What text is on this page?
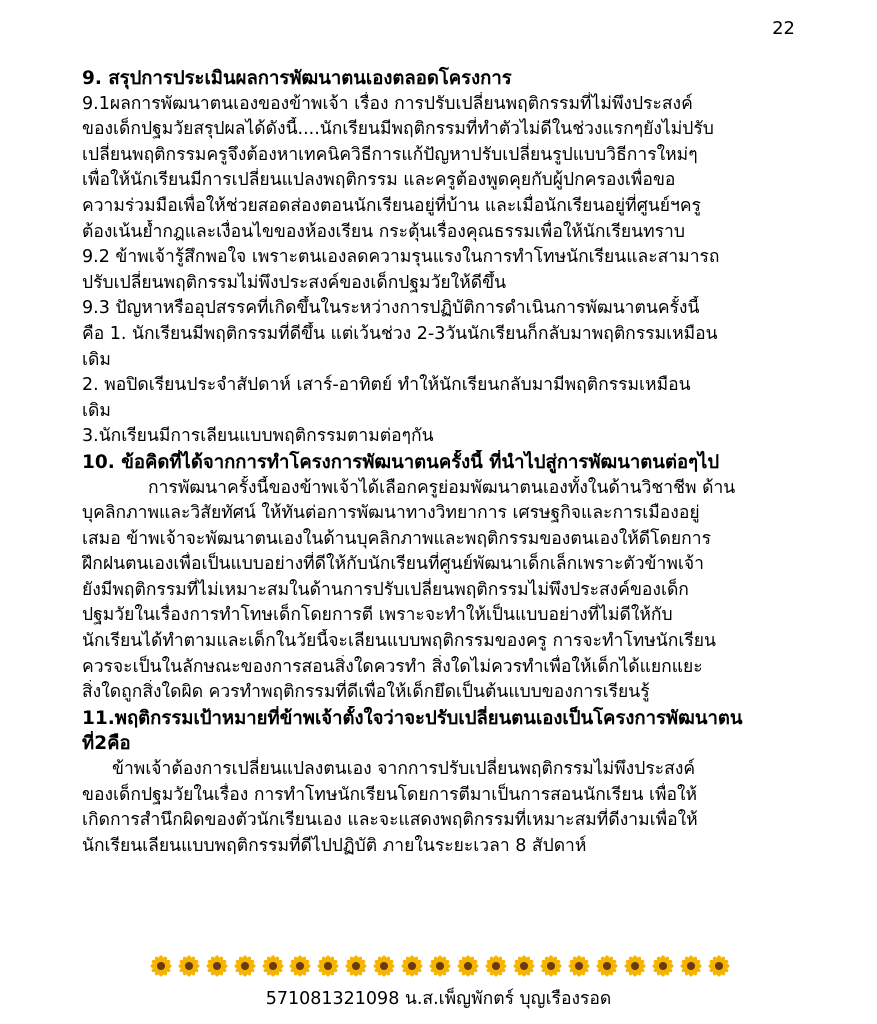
22
9. สรุปการประเมินผลการพัฒนาตนเองตลอดโครงการ
9.1ผลการพัฒนาตนเองของข้าพเจ้า เรื่อง การปรับเปลี่ยนพฤติกรรมที่ไม่พึงประสงค์
ของเด็กปฐมวัยสรุปผลได้ดังนี้....นักเรียนมีพฤติกรรมที่ทำตัวไม่ดีในช่วงแรกๆยังไม่ปรับ
เปลี่ยนพฤติกรรมครูจึงต้องหาเทคนิควิธีการแก้ปัญหาปรับเปลี่ยนรูปแบบวิธีการใหม่ๆ
เพื่อให้นักเรียนมีการเปลี่ยนแปลงพฤติกรรม และครูต้องพูดคุยกับผู้ปกครองเพื่อขอ
ความร่วมมือเพื่อให้ช่วยสอดส่องตอนนักเรียนอยู่ที่บ้าน และเมื่อนักเรียนอยู่ที่ศูนย์ฯครู
ต้องเน้นย้ำกฎและเงื่อนไขของห้องเรียน กระตุ้นเรื่องคุณธรรมเพื่อให้นักเรียนทราบ
9.2 ข้าพเจ้ารู้สึกพอใจ เพราะตนเองลดความรุนแรงในการทำโทษนักเรียนและสามารถ
ปรับเปลี่ยนพฤติกรรมไม่พึงประสงค์ของเด็กปฐมวัยให้ดีขึ้น
9.3 ปัญหาหรืออุปสรรคที่เกิดขึ้นในระหว่างการปฏิบัติการดำเนินการพัฒนาตนครั้งนี้
คือ 1. นักเรียนมีพฤติกรรมที่ดีขึ้น แต่เว้นช่วง 2-3วันนักเรียนก็กลับมาพฤติกรรมเหมือน
เดิม
2. พอปิดเรียนประจำสัปดาห์ เสาร์-อาทิตย์ ทำให้นักเรียนกลับมามีพฤติกรรมเหมือน
เดิม
3.นักเรียนมีการเลียนแบบพฤติกรรมตามต่อๆกัน
10. ข้อคิดที่ได้จากการทำโครงการพัฒนาตนครั้งนี้ ที่นำไปสู่การพัฒนาตนต่อๆไป
การพัฒนาครั้งนี้ของข้าพเจ้าได้เลือกครูย่อมพัฒนาตนเองทั้งในด้านวิชาชีพ ด้าน
บุคลิกภาพและวิสัยทัศน์ ให้ทันต่อการพัฒนาทางวิทยาการ เศรษฐกิจและการเมืองอยู่
เสมอ ข้าพเจ้าจะพัฒนาตนเองในด้านบุคลิกภาพและพฤติกรรมของตนเองให้ดีโดยการ
ฝึกฝนตนเองเพื่อเป็นแบบอย่างที่ดีให้กับนักเรียนที่ศูนย์พัฒนาเด็กเล็กเพราะตัวข้าพเจ้า
ยังมีพฤติกรรมที่ไม่เหมาะสมในด้านการปรับเปลี่ยนพฤติกรรมไม่พึงประสงค์ของเด็ก
ปฐมวัยในเรื่องการทำโทษเด็กโดยการตี เพราะจะทำให้เป็นแบบอย่างที่ไม่ดีให้กับ
นักเรียนได้ทำตามและเด็กในวัยนี้จะเลียนแบบพฤติกรรมของครู การจะทำโทษนักเรียน
ควรจะเป็นในลักษณะของการสอนสิ่งใดควรทำ สิ่งใดไม่ควรทำเพื่อให้เด็กได้แยกแยะ
สิ่งใดถูกสิ่งใดผิด ควรทำพฤติกรรมที่ดีเพื่อให้เด็กยึดเป็นต้นแบบของการเรียนรู้
11.พฤติกรรมเป้าหมายที่ข้าพเจ้าตั้งใจว่าจะปรับเปลี่ยนตนเองเป็นโครงการพัฒนาตน
ที่2คือ
ข้าพเจ้าต้องการเปลี่ยนแปลงตนเอง จากการปรับเปลี่ยนพฤติกรรมไม่พึงประสงค์
ของเด็กปฐมวัยในเรื่อง การทำโทษนักเรียนโดยการตีมาเป็นการสอนนักเรียน เพื่อให้
เกิดการสำนึกผิดของตัวนักเรียนเอง และจะแสดงพฤติกรรมที่เหมาะสมที่ดีงามเพื่อให้
นักเรียนเลียนแบบพฤติกรรมที่ดีไปปฏิบัติ ภายในระยะเวลา 8 สัปดาห์
571081321098 น.ส.เพ็ญพักตร์ บุญเรืองรอด
